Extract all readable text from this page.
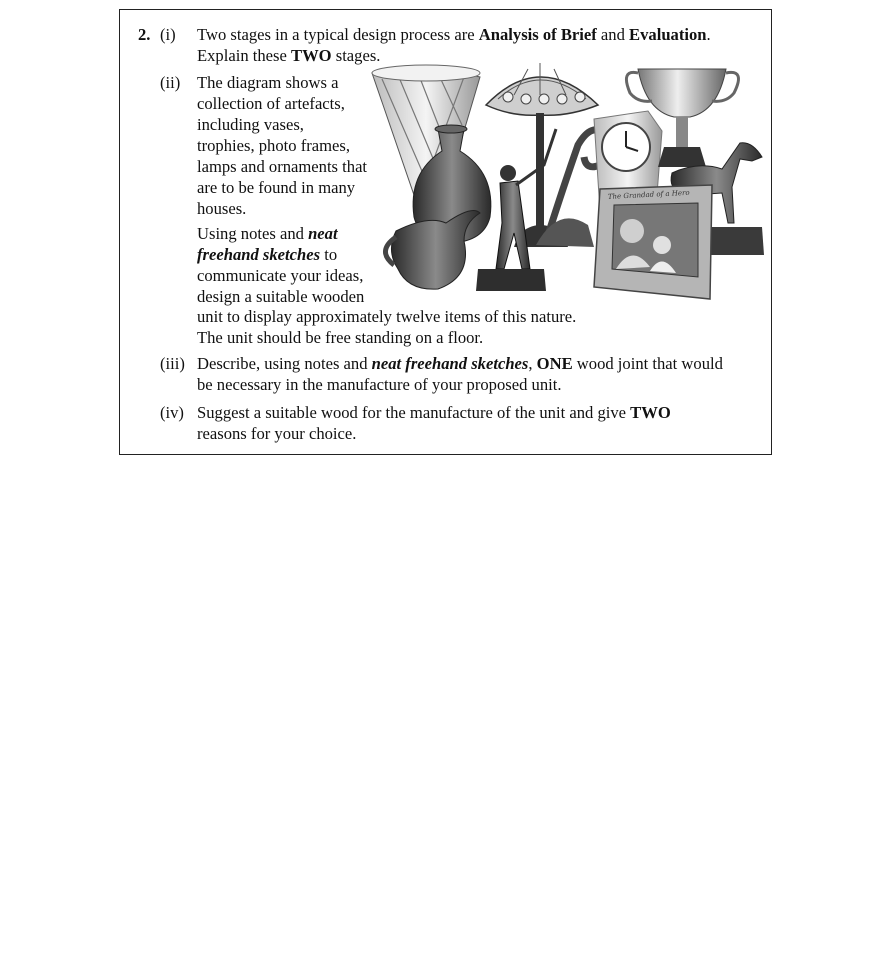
2. (i) Two stages in a typical design process are Analysis of Brief and Evaluation.
Explain these TWO stages.
(ii) The diagram shows a
collection of artefacts,
including vases,
trophies, photo frames,
lamps and ornaments that
are to be found in many
houses.
Using notes and neat
freehand sketches to
communicate your ideas,
design a suitable wooden
unit to display approximately twelve items of this nature.
The unit should be free standing on a floor.
(iii) Describe, using notes and neat freehand sketches, ONE wood joint that would
be necessary in the manufacture of your proposed unit.
(iv) Suggest a suitable wood for the manufacture of the unit and give TWO
reasons for your choice.
The Grandad of a Hero
